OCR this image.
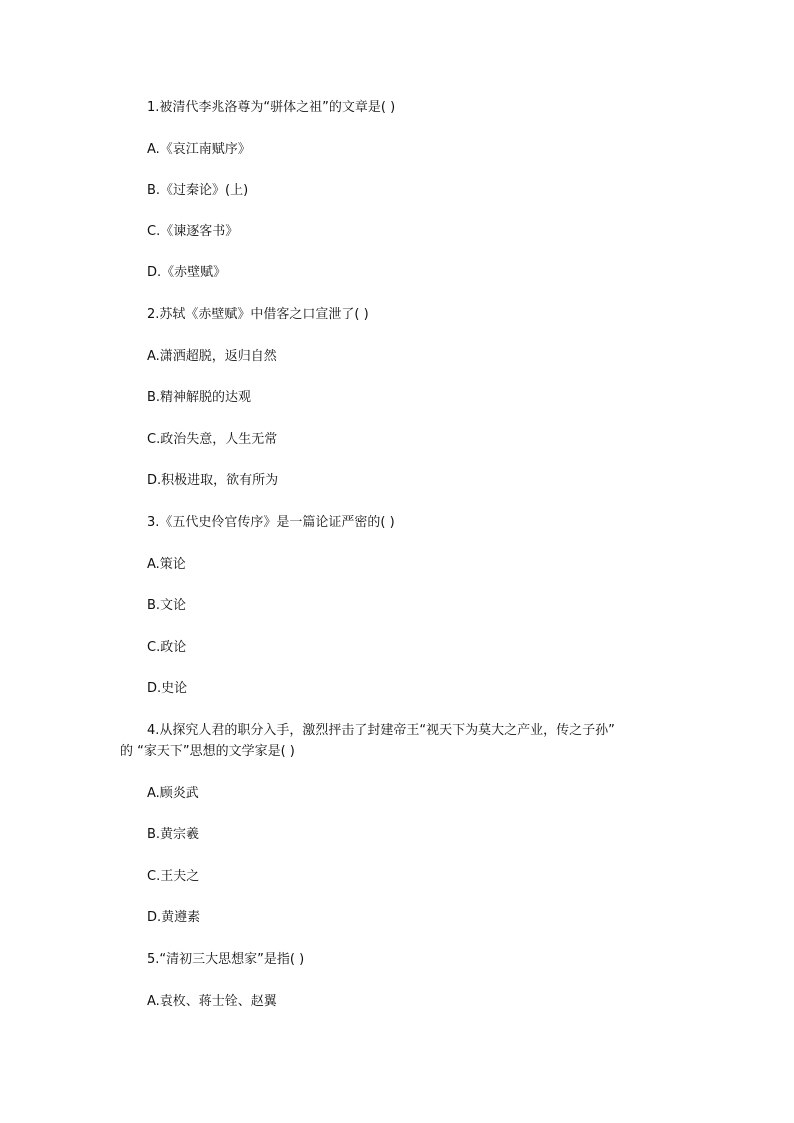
1.被清代李兆洛尊为“骈体之祖”的文章是( )
A.《哀江南赋序》
B.《过秦论》(上)
C.《谏逐客书》
D.《赤壁赋》
2.苏轼《赤壁赋》中借客之口宣泄了( )
A.潇洒超脱，返归自然
B.精神解脱的达观
C.政治失意，人生无常
D.积极进取，欲有所为
3.《五代史伶官传序》是一篇论证严密的( )
A.策论
B.文论
C.政论
D.史论
4.从探究人君的职分入手，激烈抨击了封建帝王“视天下为莫大之产业，传之子孙”
的 “家天下”思想的文学家是( )
A.顾炎武
B.黄宗羲
C.王夫之
D.黄遵素
5.“清初三大思想家”是指( )
A.袁枚、蒋士铨、赵翼
